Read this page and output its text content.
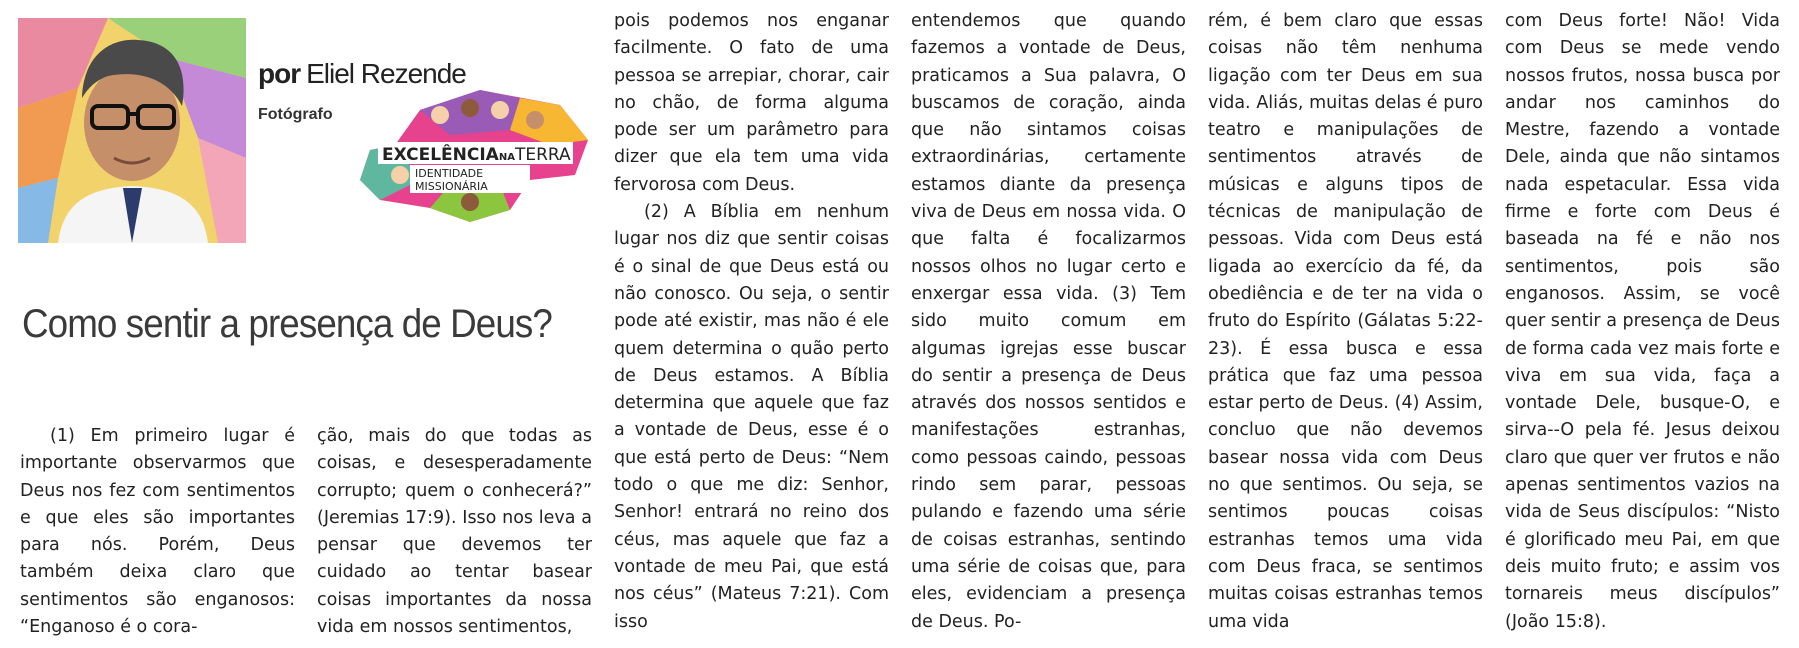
por Eliel Rezende
Fotógrafo
EXCELÊNCIANATERRA
IDENTIDADE
MISSIONÁRIA
Como sentir a presença de Deus?

(1) Em primeiro lugar é importante observarmos que Deus nos fez com sentimentos e que eles são importantes para nós. Porém, Deus também deixa claro que sentimentos são enganosos: “Enganoso é o cora-

ção, mais do que todas as coisas, e desesperadamente corrupto; quem o conhecerá?” (Jeremias 17:9). Isso nos leva a pensar que devemos ter cuidado ao tentar basear coisas importantes da nossa vida em nossos sentimentos,

pois podemos nos enganar facilmente. O fato de uma pessoa se arrepiar, chorar, cair no chão, de forma alguma pode ser um parâmetro para dizer que ela tem uma vida fervorosa com Deus.

(2) A Bíblia em nenhum lugar nos diz que sentir coisas é o sinal de que Deus está ou não conosco. Ou seja, o sentir pode até existir, mas não é ele quem determina o quão perto de Deus estamos. A Bíblia determina que aquele que faz a vontade de Deus, esse é o que está perto de Deus: “Nem todo o que me diz: Senhor, Senhor! entrará no reino dos céus, mas aquele que faz a vontade de meu Pai, que está nos céus” (Mateus 7:21). Com isso

entendemos que quando fazemos a vontade de Deus, praticamos a Sua palavra, O buscamos de coração, ainda que não sintamos coisas extraordinárias, certamente estamos diante da presença viva de Deus em nossa vida. O que falta é focalizarmos nossos olhos no lugar certo e enxergar essa vida. (3) Tem sido muito comum em algumas igrejas esse buscar do sentir a presença de Deus através dos nossos sentidos e manifestações estranhas, como pessoas caindo, pessoas rindo sem parar, pessoas pulando e fazendo uma série de coisas estranhas, sentindo uma série de coisas que, para eles, evidenciam a presença de Deus. Po-

rém, é bem claro que essas coisas não têm nenhuma ligação com ter Deus em sua vida. Aliás, muitas delas é puro teatro e manipulações de sentimentos através de músicas e alguns tipos de técnicas de manipulação de pessoas. Vida com Deus está ligada ao exercício da fé, da obediência e de ter na vida o fruto do Espírito (Gálatas 5:22-23). É essa busca e essa prática que faz uma pessoa estar perto de Deus. (4) Assim, concluo que não devemos basear nossa vida com Deus no que sentimos. Ou seja, se sentimos poucas coisas estranhas temos uma vida com Deus fraca, se sentimos muitas coisas estranhas temos uma vida

com Deus forte! Não! Vida com Deus se mede vendo nossos frutos, nossa busca por andar nos caminhos do Mestre, fazendo a vontade Dele, ainda que não sintamos nada espetacular. Essa vida firme e forte com Deus é baseada na fé e não nos sentimentos, pois são enganosos. Assim, se você quer sentir a presença de Deus de forma cada vez mais forte e viva em sua vida, faça a vontade Dele, busque-O, e sirva--O pela fé. Jesus deixou claro que quer ver frutos e não apenas sentimentos vazios na vida de Seus discípulos: “Nisto é glorificado meu Pai, em que deis muito fruto; e assim vos tornareis meus discípulos” (João 15:8).
